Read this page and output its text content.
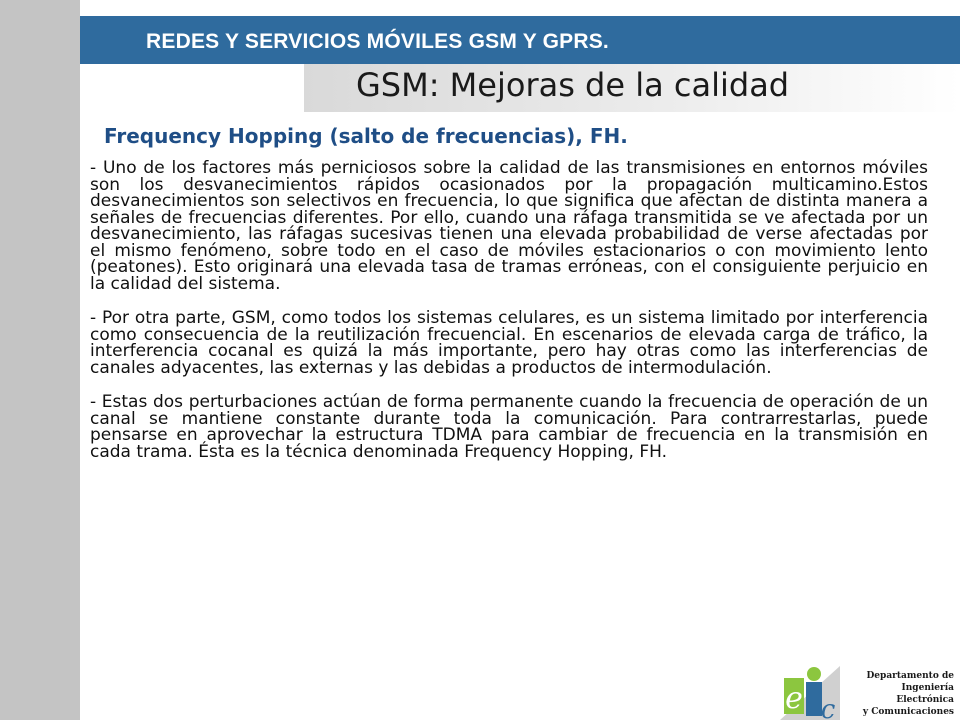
REDES Y SERVICIOS MÓVILES GSM Y GPRS.
GSM: Mejoras de la calidad
Frequency Hopping (salto de frecuencias), FH.

- Uno de los factores más perniciosos sobre la calidad de las transmisiones en entornos móviles son los desvanecimientos rápidos ocasionados por la propagación multicamino.Estos desvanecimientos son selectivos en frecuencia, lo que significa que afectan de distinta manera a señales de frecuencias diferentes. Por ello, cuando una ráfaga transmitida se ve afectada por un desvanecimiento, las ráfagas sucesivas tienen una elevada probabilidad de verse afectadas por el mismo fenómeno, sobre todo en el caso de móviles estacionarios o con movimiento lento (peatones). Esto originará una elevada tasa de tramas erróneas, con el consiguiente perjuicio en la calidad del sistema.

- Por otra parte, GSM, como todos los sistemas celulares, es un sistema limitado por interferencia como consecuencia de la reutilización frecuencial. En escenarios de elevada carga de tráfico, la interferencia cocanal es quizá la más importante, pero hay otras como las interferencias de canales adyacentes, las externas y las debidas a productos de intermodulación.

- Estas dos perturbaciones actúan de forma permanente cuando la frecuencia de operación de un canal se mantiene constante durante toda la comunicación. Para contrarrestarlas, puede pensarse en aprovechar la estructura TDMA para cambiar de frecuencia en la transmisión en cada trama. Ésta es la técnica denominada Frequency Hopping, FH.

e c
Departamento de
Ingeniería Electrónica
y Comunicaciones
